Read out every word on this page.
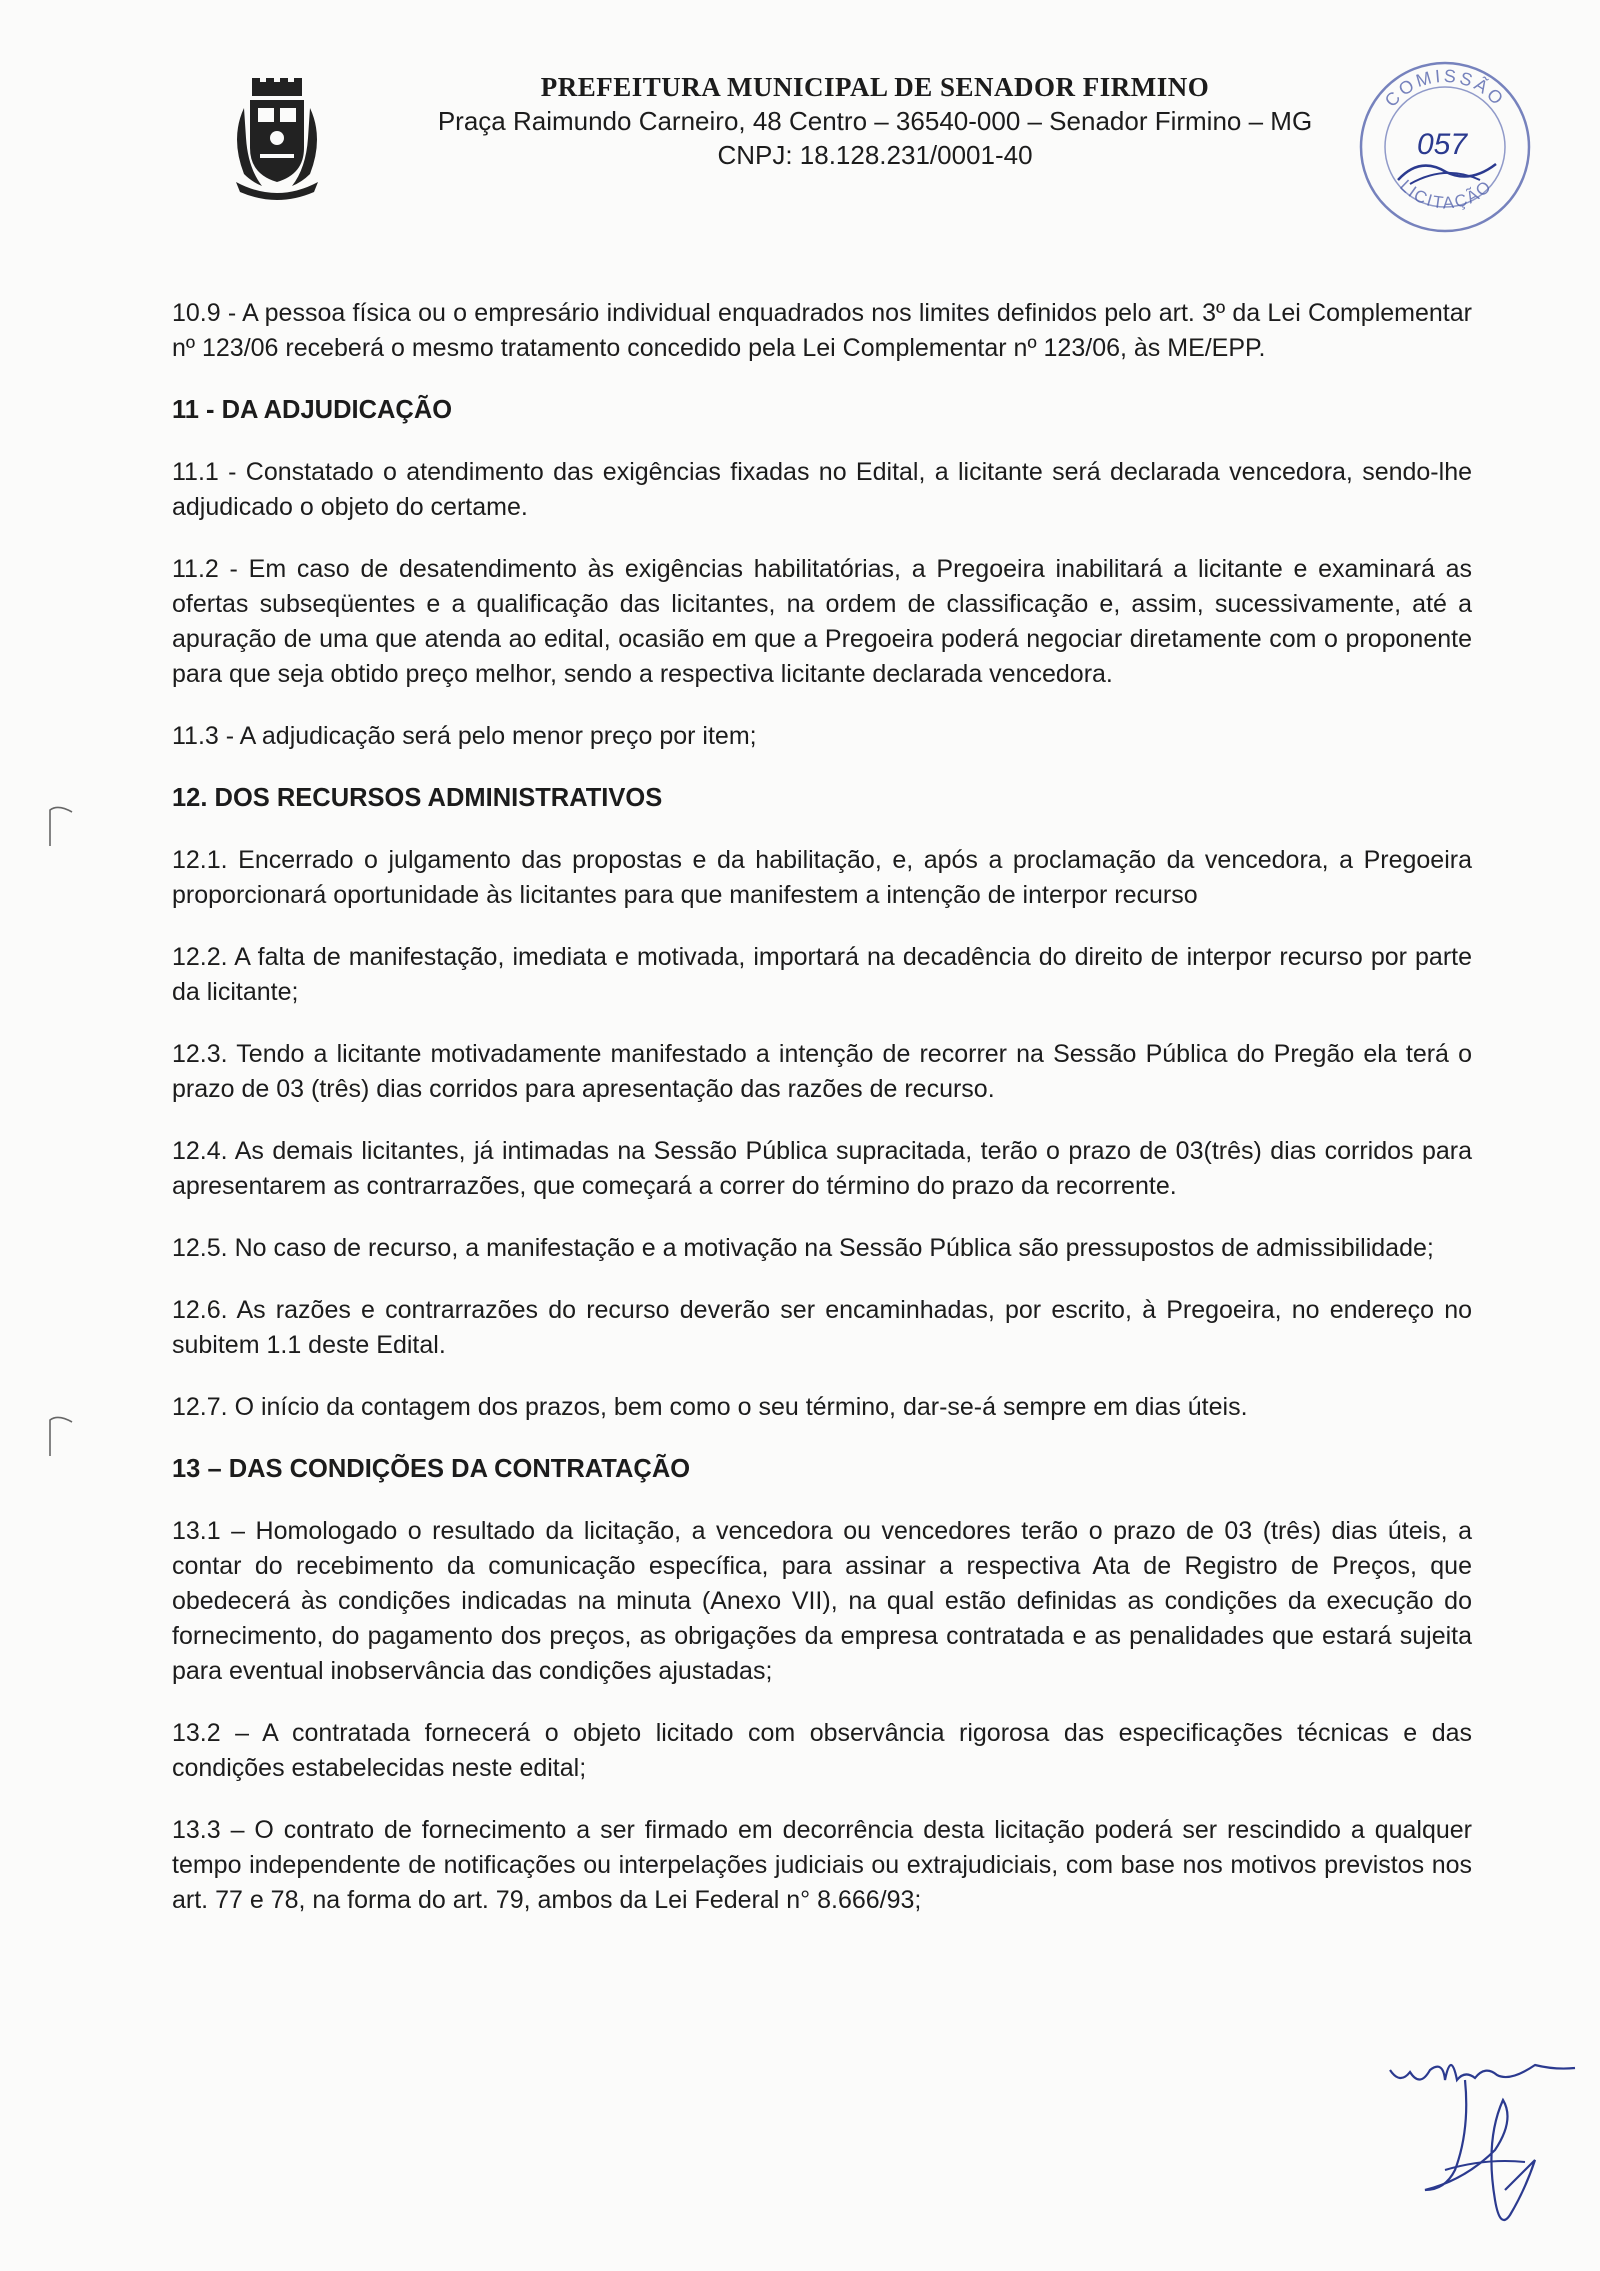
PREFEITURA MUNICIPAL DE SENADOR FIRMINO
Praça Raimundo Carneiro, 48 Centro – 36540-000 – Senador Firmino – MG
CNPJ: 18.128.231/0001-40
COMISSÃO
LICITAÇÃO
057
10.9 - A pessoa física ou o empresário individual enquadrados nos limites definidos pelo art. 3º da Lei Complementar nº 123/06 receberá o mesmo tratamento concedido pela Lei Complementar nº 123/06, às ME/EPP.
11 - DA ADJUDICAÇÃO
11.1 - Constatado o atendimento das exigências fixadas no Edital, a licitante será declarada vencedora, sendo-lhe adjudicado o objeto do certame.
11.2 - Em caso de desatendimento às exigências habilitatórias, a Pregoeira inabilitará a licitante e examinará as ofertas subseqüentes e a qualificação das licitantes, na ordem de classificação e, assim, sucessivamente, até a apuração de uma que atenda ao edital, ocasião em que a Pregoeira poderá negociar diretamente com o proponente para que seja obtido preço melhor, sendo a respectiva licitante declarada vencedora.
11.3 - A adjudicação será pelo menor preço por item;
12. DOS RECURSOS ADMINISTRATIVOS
12.1. Encerrado o julgamento das propostas e da habilitação, e, após a proclamação da vencedora, a Pregoeira proporcionará oportunidade às licitantes para que manifestem a intenção de interpor recurso
12.2. A falta de manifestação, imediata e motivada, importará na decadência do direito de interpor recurso por parte da licitante;
12.3. Tendo a licitante motivadamente manifestado a intenção de recorrer na Sessão Pública do Pregão ela terá o prazo de 03 (três) dias corridos para apresentação das razões de recurso.
12.4. As demais licitantes, já intimadas na Sessão Pública supracitada, terão o prazo de 03(três) dias corridos para apresentarem as contrarrazões, que começará a correr do término do prazo da recorrente.
12.5. No caso de recurso, a manifestação e a motivação na Sessão Pública são pressupostos de admissibilidade;
12.6. As razões e contrarrazões do recurso deverão ser encaminhadas, por escrito, à Pregoeira, no endereço no subitem 1.1 deste Edital.
12.7. O início da contagem dos prazos, bem como o seu término, dar-se-á sempre em dias úteis.
13 – DAS CONDIÇÕES DA CONTRATAÇÃO
13.1 – Homologado o resultado da licitação, a vencedora ou vencedores terão o prazo de 03 (três) dias úteis, a contar do recebimento da comunicação específica, para assinar a respectiva Ata de Registro de Preços, que obedecerá às condições indicadas na minuta (Anexo VII), na qual estão definidas as condições da execução do fornecimento, do pagamento dos preços, as obrigações da empresa contratada e as penalidades que estará sujeita para eventual inobservância das condições ajustadas;
13.2 – A contratada fornecerá o objeto licitado com observância rigorosa das especificações técnicas e das condições estabelecidas neste edital;
13.3 – O contrato de fornecimento a ser firmado em decorrência desta licitação poderá ser rescindido a qualquer tempo independente de notificações ou interpelações judiciais ou extrajudiciais, com base nos motivos previstos nos art. 77 e 78, na forma do art. 79, ambos da Lei Federal n° 8.666/93;
